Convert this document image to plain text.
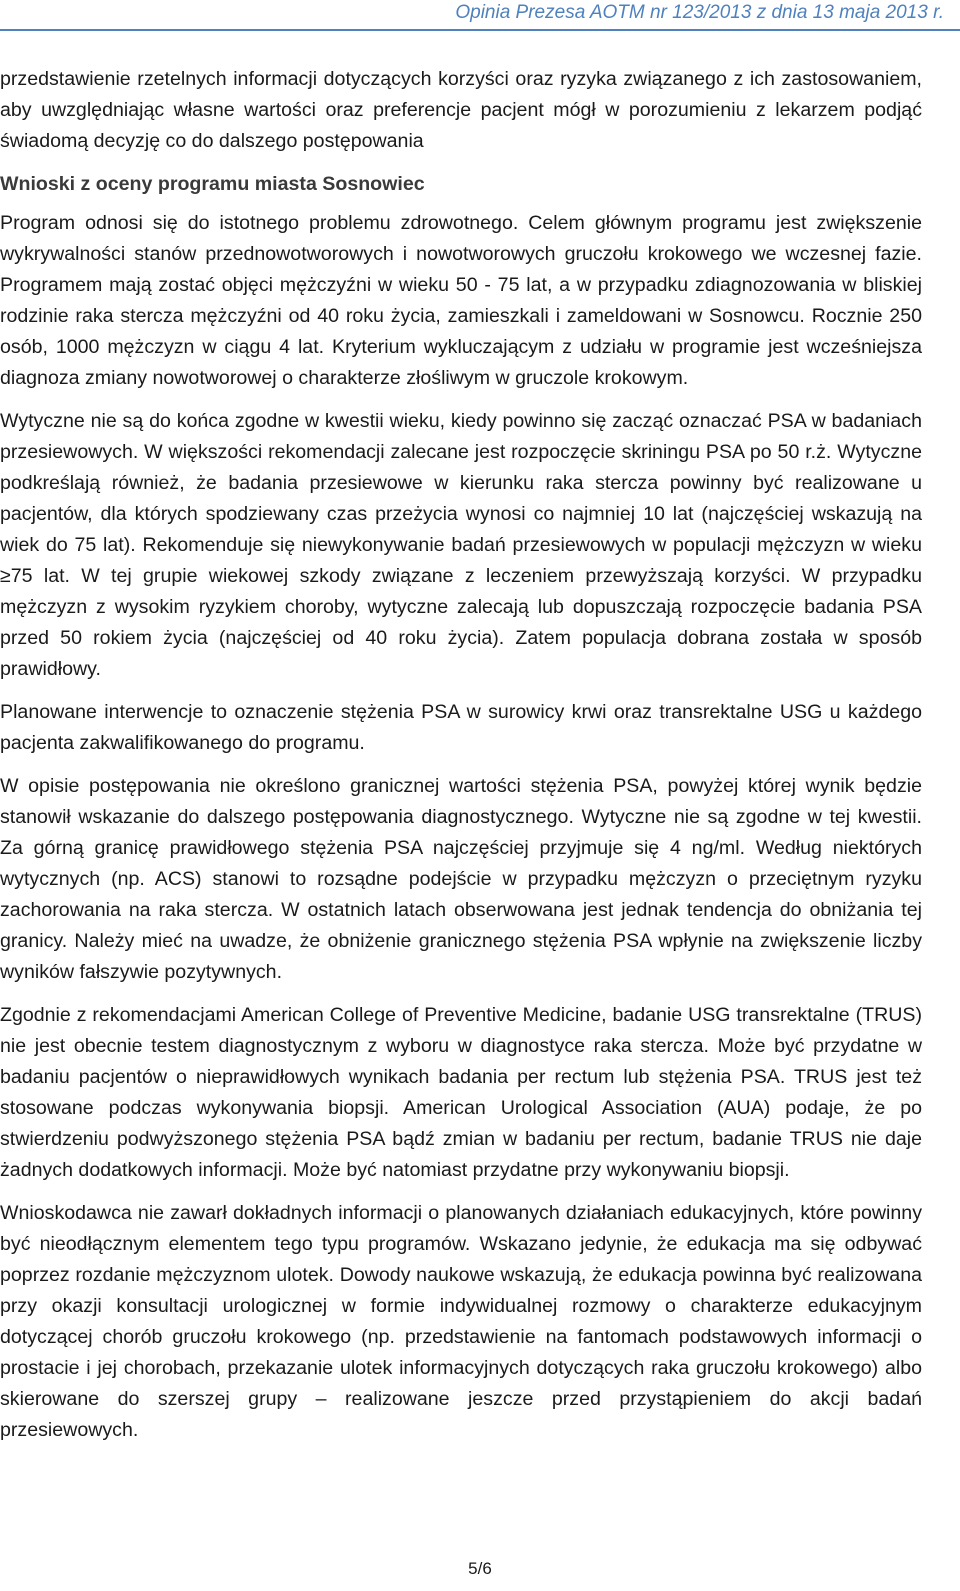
Opinia Prezesa AOTM nr 123/2013 z dnia 13 maja 2013 r.

przedstawienie rzetelnych informacji dotyczących korzyści oraz ryzyka związanego z ich zastosowaniem, aby uwzględniając własne wartości oraz preferencje pacjent mógł w porozumieniu z lekarzem podjąć świadomą decyzję co do dalszego postępowania

Wnioski z oceny programu miasta Sosnowiec

Program odnosi się do istotnego problemu zdrowotnego. Celem głównym programu jest zwiększenie wykrywalności stanów przednowotworowych i nowotworowych gruczołu krokowego we wczesnej fazie. Programem mają zostać objęci mężczyźni w wieku 50 - 75 lat, a w przypadku zdiagnozowania w bliskiej rodzinie raka stercza mężczyźni od 40 roku życia, zamieszkali i zameldowani w Sosnowcu. Rocznie 250 osób, 1000 mężczyzn w ciągu 4 lat. Kryterium wykluczającym z udziału w programie jest wcześniejsza diagnoza zmiany nowotworowej o charakterze złośliwym w gruczole krokowym.

Wytyczne nie są do końca zgodne w kwestii wieku, kiedy powinno się zacząć oznaczać PSA w badaniach przesiewowych. W większości rekomendacji zalecane jest rozpoczęcie skriningu PSA po 50 r.ż. Wytyczne podkreślają również, że badania przesiewowe w kierunku raka stercza powinny być realizowane u pacjentów, dla których spodziewany czas przeżycia wynosi co najmniej 10 lat (najczęściej wskazują na wiek do 75 lat). Rekomenduje się niewykonywanie badań przesiewowych w populacji mężczyzn w wieku ≥75 lat. W tej grupie wiekowej szkody związane z leczeniem przewyższają korzyści. W przypadku mężczyzn z wysokim ryzykiem choroby, wytyczne zalecają lub dopuszczają rozpoczęcie badania PSA przed 50 rokiem życia (najczęściej od 40 roku życia). Zatem populacja dobrana została w sposób prawidłowy.

Planowane interwencje to oznaczenie stężenia PSA w surowicy krwi oraz transrektalne USG u każdego pacjenta zakwalifikowanego do programu.

W opisie postępowania nie określono granicznej wartości stężenia PSA, powyżej której wynik będzie stanowił wskazanie do dalszego postępowania diagnostycznego. Wytyczne nie są zgodne w tej kwestii. Za górną granicę prawidłowego stężenia PSA najczęściej przyjmuje się 4 ng/ml. Według niektórych wytycznych (np. ACS) stanowi to rozsądne podejście w przypadku mężczyzn o przeciętnym ryzyku zachorowania na raka stercza. W ostatnich latach obserwowana jest jednak tendencja do obniżania tej granicy. Należy mieć na uwadze, że obniżenie granicznego stężenia PSA wpłynie na zwiększenie liczby wyników fałszywie pozytywnych.

Zgodnie z rekomendacjami American College of Preventive Medicine, badanie USG transrektalne (TRUS) nie jest obecnie testem diagnostycznym z wyboru w diagnostyce raka stercza. Może być przydatne w badaniu pacjentów o nieprawidłowych wynikach badania per rectum lub stężenia PSA. TRUS jest też stosowane podczas wykonywania biopsji. American Urological Association (AUA) podaje, że po stwierdzeniu podwyższonego stężenia PSA bądź zmian w badaniu per rectum, badanie TRUS nie daje żadnych dodatkowych informacji. Może być natomiast przydatne przy wykonywaniu biopsji.

Wnioskodawca nie zawarł dokładnych informacji o planowanych działaniach edukacyjnych, które powinny być nieodłącznym elementem tego typu programów. Wskazano jedynie, że edukacja ma się odbywać poprzez rozdanie mężczyznom ulotek. Dowody naukowe wskazują, że edukacja powinna być realizowana przy okazji konsultacji urologicznej w formie indywidualnej rozmowy o charakterze edukacyjnym dotyczącej chorób gruczołu krokowego (np. przedstawienie na fantomach podstawowych informacji o prostacie i jej chorobach, przekazanie ulotek informacyjnych dotyczących raka gruczołu krokowego) albo skierowane do szerszej grupy – realizowane jeszcze przed przystąpieniem do akcji badań przesiewowych.

5/6
